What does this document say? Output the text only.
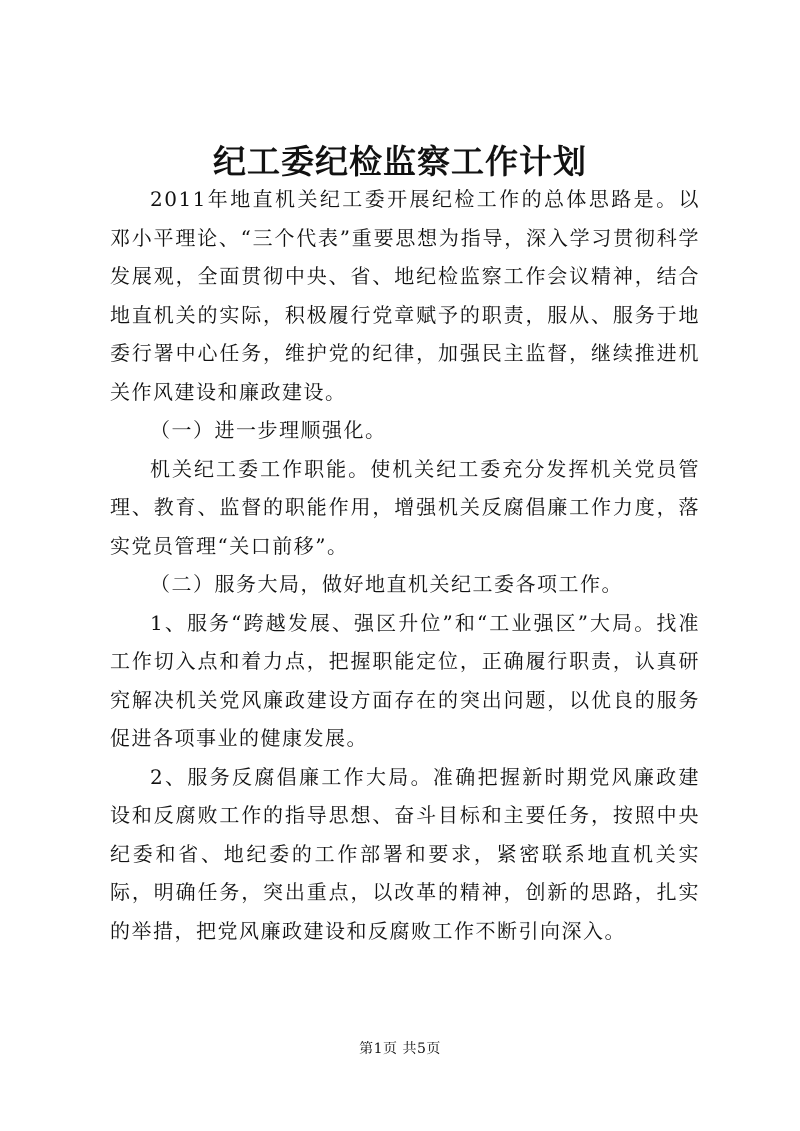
纪工委纪检监察工作计划

2011年地直机关纪工委开展纪检工作的总体思路是。以邓小平理论、“三个代表”重要思想为指导，深入学习贯彻科学发展观，全面贯彻中央、省、地纪检监察工作会议精神，结合地直机关的实际，积极履行党章赋予的职责，服从、服务于地委行署中心任务，维护党的纪律，加强民主监督，继续推进机关作风建设和廉政建设。

（一）进一步理顺强化。

机关纪工委工作职能。使机关纪工委充分发挥机关党员管理、教育、监督的职能作用，增强机关反腐倡廉工作力度，落实党员管理“关口前移”。

（二）服务大局，做好地直机关纪工委各项工作。

1、服务“跨越发展、强区升位”和“工业强区”大局。找准工作切入点和着力点，把握职能定位，正确履行职责，认真研究解决机关党风廉政建设方面存在的突出问题，以优良的服务促进各项事业的健康发展。

2、服务反腐倡廉工作大局。准确把握新时期党风廉政建设和反腐败工作的指导思想、奋斗目标和主要任务，按照中央纪委和省、地纪委的工作部署和要求，紧密联系地直机关实际，明确任务，突出重点，以改革的精神，创新的思路，扎实的举措，把党风廉政建设和反腐败工作不断引向深入。

第1页 共5页
